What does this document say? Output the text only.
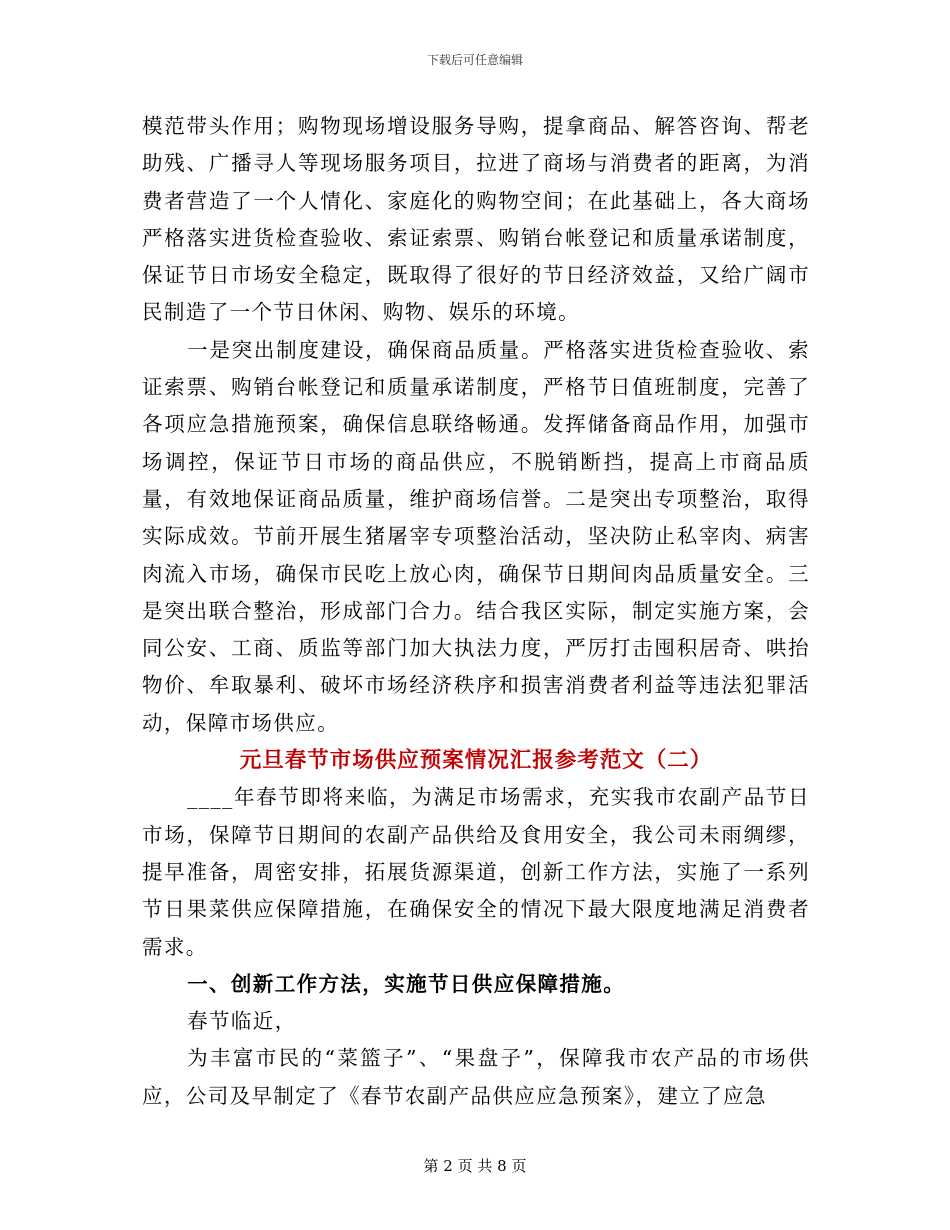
下载后可任意编辑

模范带头作用；购物现场增设服务导购，提拿商品、解答咨询、帮老助残、广播寻人等现场服务项目，拉进了商场与消费者的距离，为消费者营造了一个人情化、家庭化的购物空间；在此基础上，各大商场严格落实进货检查验收、索证索票、购销台帐登记和质量承诺制度，保证节日市场安全稳定，既取得了很好的节日经济效益，又给广阔市民制造了一个节日休闲、购物、娱乐的环境。

一是突出制度建设，确保商品质量。严格落实进货检查验收、索证索票、购销台帐登记和质量承诺制度，严格节日值班制度，完善了各项应急措施预案，确保信息联络畅通。发挥储备商品作用，加强市场调控，保证节日市场的商品供应，不脱销断挡，提高上市商品质量，有效地保证商品质量，维护商场信誉。二是突出专项整治，取得实际成效。节前开展生猪屠宰专项整治活动，坚决防止私宰肉、病害肉流入市场，确保市民吃上放心肉，确保节日期间肉品质量安全。三是突出联合整治，形成部门合力。结合我区实际，制定实施方案，会同公安、工商、质监等部门加大执法力度，严厉打击囤积居奇、哄抬物价、牟取暴利、破坏市场经济秩序和损害消费者利益等违法犯罪活动，保障市场供应。

元旦春节市场供应预案情况汇报参考范文（二）

____年春节即将来临，为满足市场需求，充实我市农副产品节日市场，保障节日期间的农副产品供给及食用安全，我公司未雨绸缪，提早准备，周密安排，拓展货源渠道，创新工作方法，实施了一系列节日果菜供应保障措施，在确保安全的情况下最大限度地满足消费者需求。

一、创新工作方法，实施节日供应保障措施。

春节临近，

为丰富市民的“菜篮子”、“果盘子”，保障我市农产品的市场供应，公司及早制定了《春节农副产品供应应急预案》，建立了应急

第 2 页 共 8 页
